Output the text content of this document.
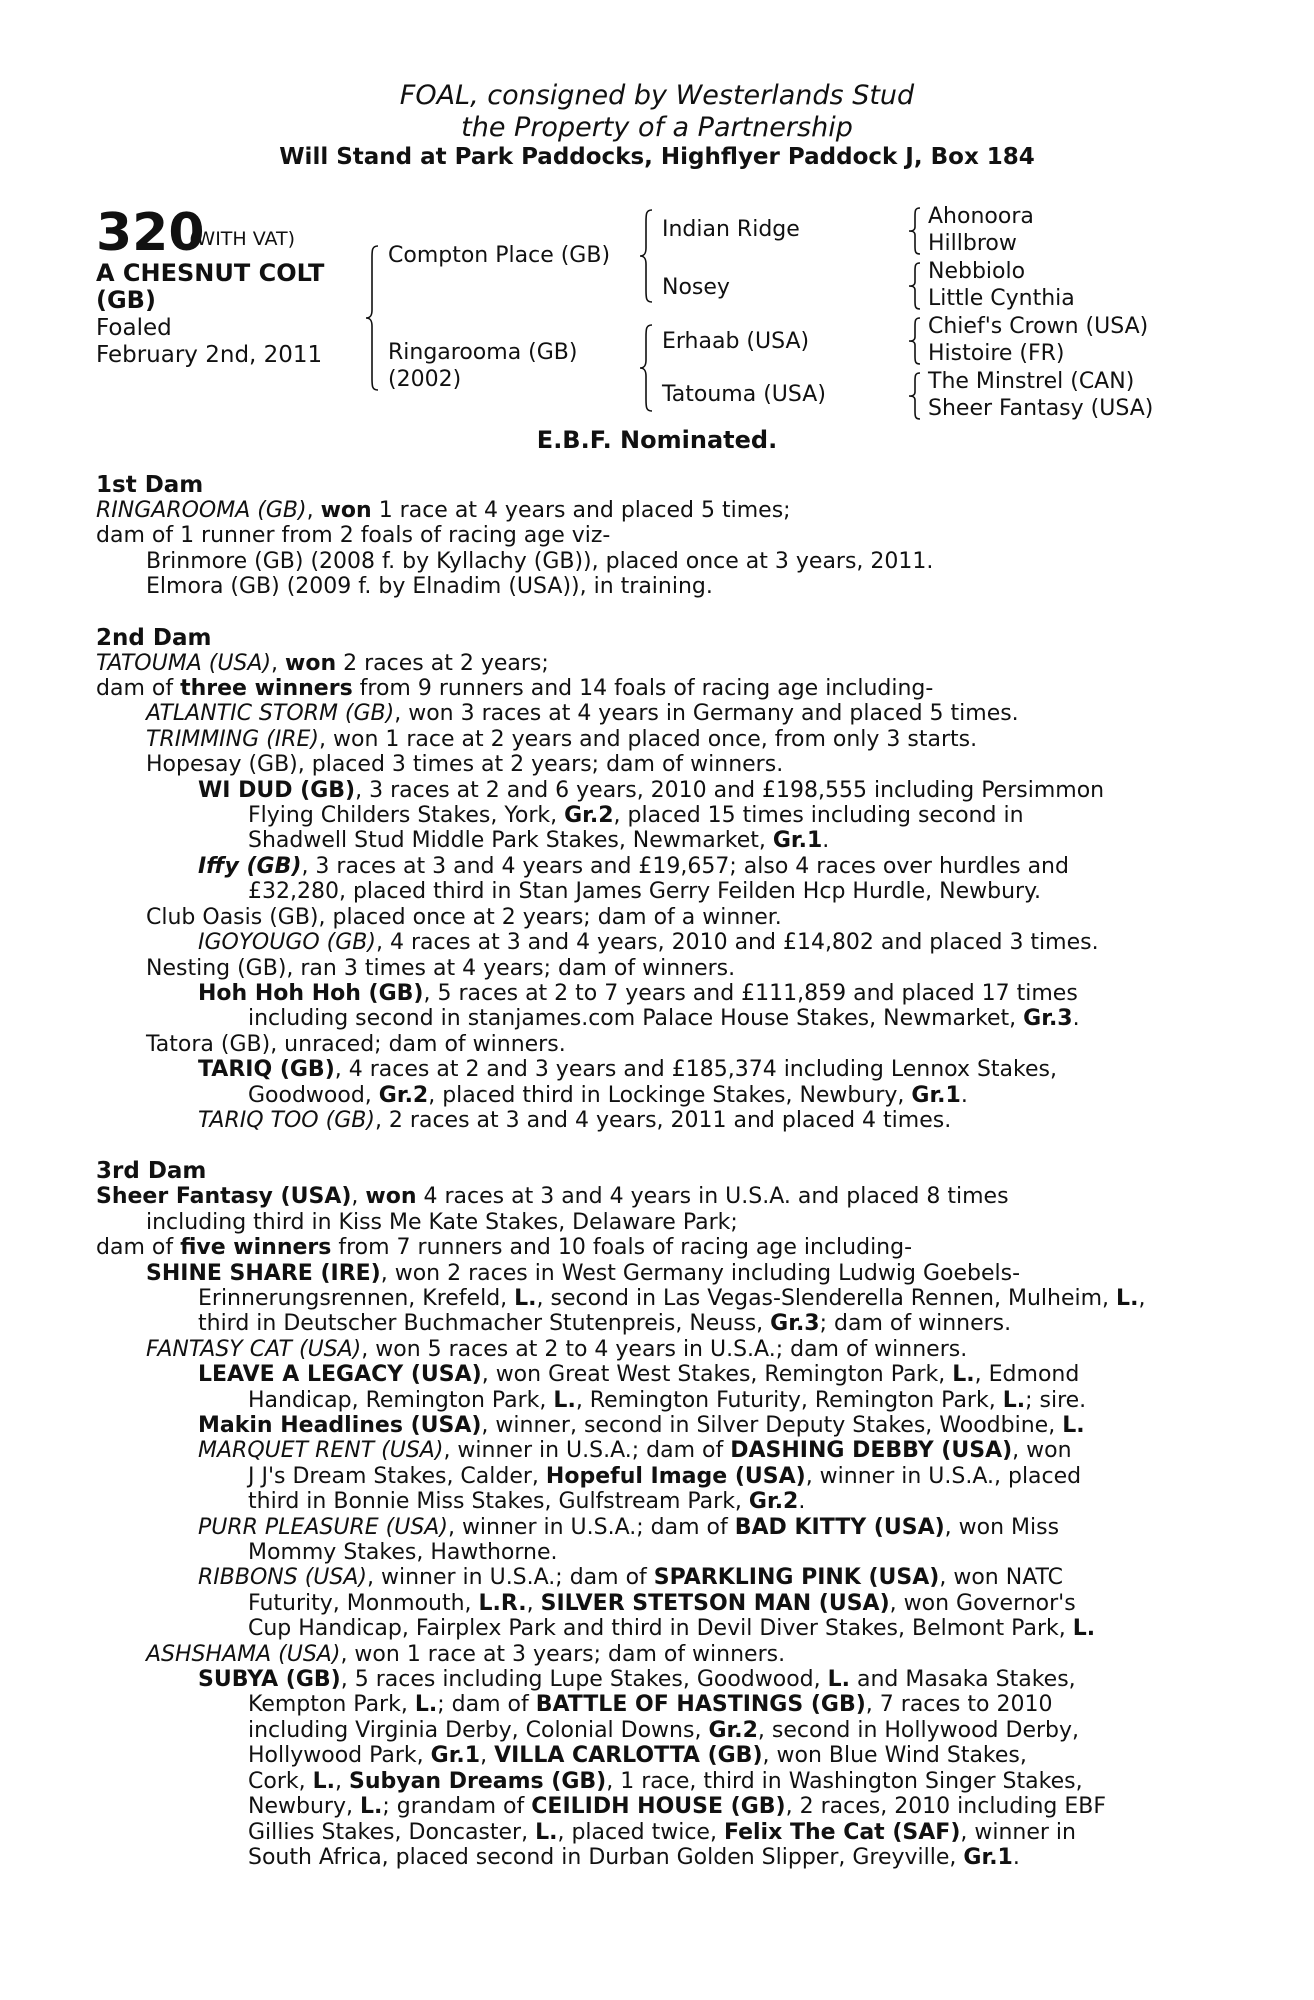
FOAL, consigned by Westerlands Stud
the Property of a Partnership
Will Stand at Park Paddocks, Highflyer Paddock J, Box 184
320
(WITH VAT)
A CHESNUT COLT
(GB)
Foaled
February 2nd, 2011
Compton Place (GB)
Ringarooma (GB)
(2002)
Indian Ridge
Nosey
Erhaab (USA)
Tatouma (USA)
Ahonoora
Hillbrow
Nebbiolo
Little Cynthia
Chief's Crown (USA)
Histoire (FR)
The Minstrel (CAN)
Sheer Fantasy (USA)
E.B.F. Nominated.
1st Dam
RINGAROOMA (GB), won 1 race at 4 years and placed 5 times;
dam of 1 runner from 2 foals of racing age viz-
Brinmore (GB) (2008 f. by Kyllachy (GB)), placed once at 3 years, 2011.
Elmora (GB) (2009 f. by Elnadim (USA)), in training.
2nd Dam
TATOUMA (USA), won 2 races at 2 years;
dam of three winners from 9 runners and 14 foals of racing age including-
ATLANTIC STORM (GB), won 3 races at 4 years in Germany and placed 5 times.
TRIMMING (IRE), won 1 race at 2 years and placed once, from only 3 starts.
Hopesay (GB), placed 3 times at 2 years; dam of winners.
WI DUD (GB), 3 races at 2 and 6 years, 2010 and £198,555 including Persimmon
Flying Childers Stakes, York, Gr.2, placed 15 times including second in
Shadwell Stud Middle Park Stakes, Newmarket, Gr.1.
Iffy (GB), 3 races at 3 and 4 years and £19,657; also 4 races over hurdles and
£32,280, placed third in Stan James Gerry Feilden Hcp Hurdle, Newbury.
Club Oasis (GB), placed once at 2 years; dam of a winner.
IGOYOUGO (GB), 4 races at 3 and 4 years, 2010 and £14,802 and placed 3 times.
Nesting (GB), ran 3 times at 4 years; dam of winners.
Hoh Hoh Hoh (GB), 5 races at 2 to 7 years and £111,859 and placed 17 times
including second in stanjames.com Palace House Stakes, Newmarket, Gr.3.
Tatora (GB), unraced; dam of winners.
TARIQ (GB), 4 races at 2 and 3 years and £185,374 including Lennox Stakes,
Goodwood, Gr.2, placed third in Lockinge Stakes, Newbury, Gr.1.
TARIQ TOO (GB), 2 races at 3 and 4 years, 2011 and placed 4 times.
3rd Dam
Sheer Fantasy (USA), won 4 races at 3 and 4 years in U.S.A. and placed 8 times
including third in Kiss Me Kate Stakes, Delaware Park;
dam of five winners from 7 runners and 10 foals of racing age including-
SHINE SHARE (IRE), won 2 races in West Germany including Ludwig Goebels-
Erinnerungsrennen, Krefeld, L., second in Las Vegas-Slenderella Rennen, Mulheim, L.,
third in Deutscher Buchmacher Stutenpreis, Neuss, Gr.3; dam of winners.
FANTASY CAT (USA), won 5 races at 2 to 4 years in U.S.A.; dam of winners.
LEAVE A LEGACY (USA), won Great West Stakes, Remington Park, L., Edmond
Handicap, Remington Park, L., Remington Futurity, Remington Park, L.; sire.
Makin Headlines (USA), winner, second in Silver Deputy Stakes, Woodbine, L.
MARQUET RENT (USA), winner in U.S.A.; dam of DASHING DEBBY (USA), won
J J's Dream Stakes, Calder, Hopeful Image (USA), winner in U.S.A., placed
third in Bonnie Miss Stakes, Gulfstream Park, Gr.2.
PURR PLEASURE (USA), winner in U.S.A.; dam of BAD KITTY (USA), won Miss
Mommy Stakes, Hawthorne.
RIBBONS (USA), winner in U.S.A.; dam of SPARKLING PINK (USA), won NATC
Futurity, Monmouth, L.R., SILVER STETSON MAN (USA), won Governor's
Cup Handicap, Fairplex Park and third in Devil Diver Stakes, Belmont Park, L.
ASHSHAMA (USA), won 1 race at 3 years; dam of winners.
SUBYA (GB), 5 races including Lupe Stakes, Goodwood, L. and Masaka Stakes,
Kempton Park, L.; dam of BATTLE OF HASTINGS (GB), 7 races to 2010
including Virginia Derby, Colonial Downs, Gr.2, second in Hollywood Derby,
Hollywood Park, Gr.1, VILLA CARLOTTA (GB), won Blue Wind Stakes,
Cork, L., Subyan Dreams (GB), 1 race, third in Washington Singer Stakes,
Newbury, L.; grandam of CEILIDH HOUSE (GB), 2 races, 2010 including EBF
Gillies Stakes, Doncaster, L., placed twice, Felix The Cat (SAF), winner in
South Africa, placed second in Durban Golden Slipper, Greyville, Gr.1.
